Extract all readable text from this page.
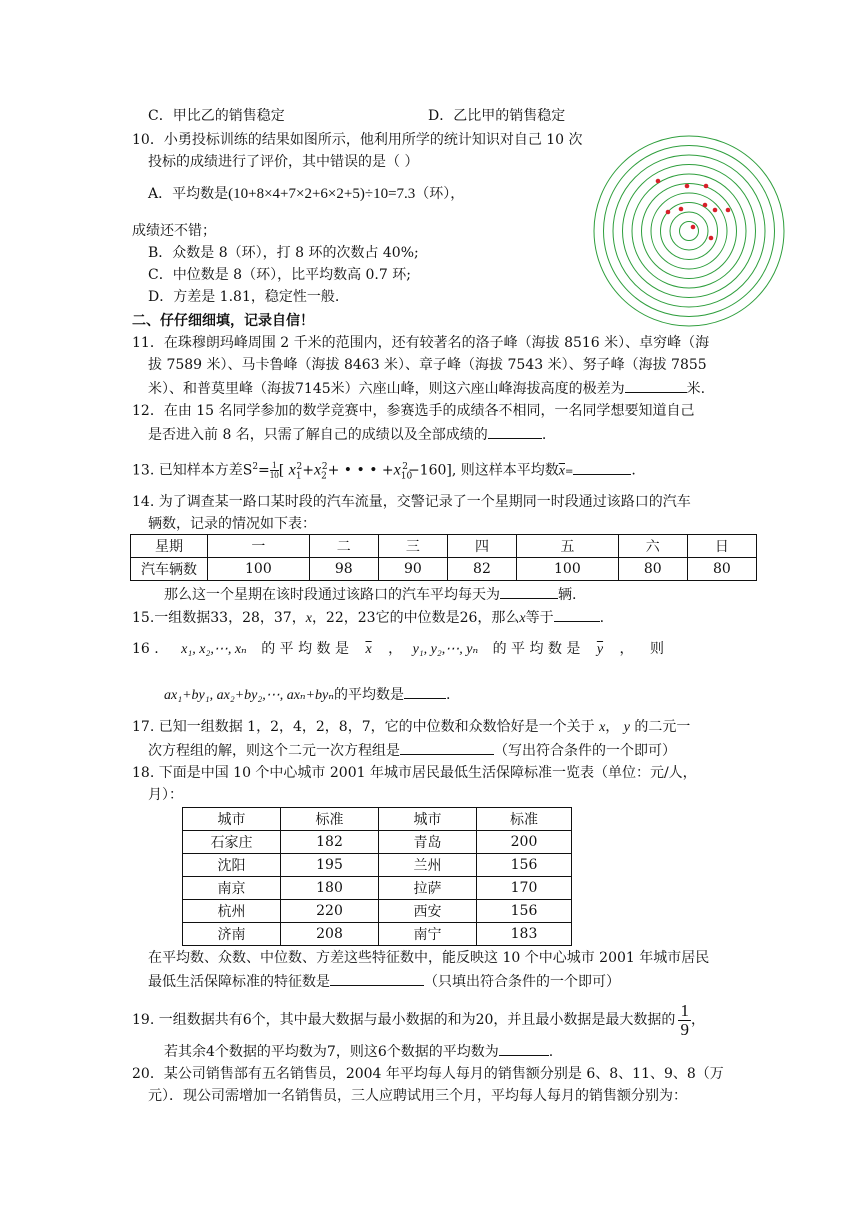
C．甲比乙的销售稳定	D．乙比甲的销售稳定
10．小勇投标训练的结果如图所示，他利用所学的统计知识对自己 10 次
投标的成绩进行了评价，其中错误的是（ ）
A．平均数是(10+8×4+7×2+6×2+5)÷10=7.3（环），
成绩还不错；
B．众数是 8（环），打 8 环的次数占 40%;
C．中位数是 8（环），比平均数高 0.7 环;
D．方差是 1.81，稳定性一般.
二、仔仔细细填，记录自信！
11．在珠穆朗玛峰周围 2 千米的范围内，还有较著名的洛子峰（海拔 8516 米）、卓穷峰（海
拔 7589 米）、马卡鲁峰（海拔 8463 米）、章子峰（海拔 7543 米）、努子峰（海拔 7855
米）、和普莫里峰（海拔7145米）六座山峰，则这六座山峰海拔高度的极差为	米.
12．在由 15 名同学参加的数学竞赛中，参赛选手的成绩各不相同，一名同学想要知道自己
是否进入前 8 名，只需了解自己的成绩以及全部成绩的	.
13. 已知样本方差$S^2= \frac{1}{10}$ [ $x_1^2+x_2^2+$ • • • $+x_{10}^2-160$], 则这样本平均数$\overline{x}=$	.
14. 为了调查某一路口某时段的汽车流量，交警记录了一个星期同一时段通过该路口的汽车
辆数，记录的情况如下表：
星期	一	二	三	四	五	六	日
汽车辆数	100	98	90	82	100	80	80
那么这一个星期在该时段通过该路口的汽车平均每天为	辆.
15.一组数据33，28，37，x，22，23它的中位数是26，那么x等于	.
16 . x₁, x₂,⋯, xₙ 的 平 均 数 是 $\overline{x}$ ， y₁, y₂,⋯, yₙ 的 平 均 数 是 $\overline{y}$ ， 则
ax₁+by₁, ax₂+by₂,⋯, axₙ+byₙ的平均数是	.
17. 已知一组数据 1，2，4，2，8，7，它的中位数和众数恰好是一个关于 x， y 的二元一
次方程组的解，则这个二元一次方程组是	（写出符合条件的一个即可）
18. 下面是中国 10 个中心城市 2001 年城市居民最低生活保障标准一览表（单位：元/人，
月）：
城市	标准	城市	标准
石家庄	182	青岛	200
沈阳	195	兰州	156
南京	180	拉萨	170
杭州	220	西安	156
济南	208	南宁	183
在平均数、众数、中位数、方差这些特征数中，能反映这 10 个中心城市 2001 年城市居民
最低生活保障标准的特征数是	（只填出符合条件的一个即可）
19. 一组数据共有6个，其中最大数据与最小数据的和为20，并且最小数据是最大数据的 $\frac{1}{9}$ ，
若其余4个数据的平均数为7，则这6个数据的平均数为	.
20．某公司销售部有五名销售员，2004 年平均每人每月的销售额分别是 6、8、11、9、8（万
元）．现公司需增加一名销售员，三人应聘试用三个月，平均每人每月的销售额分别为：
